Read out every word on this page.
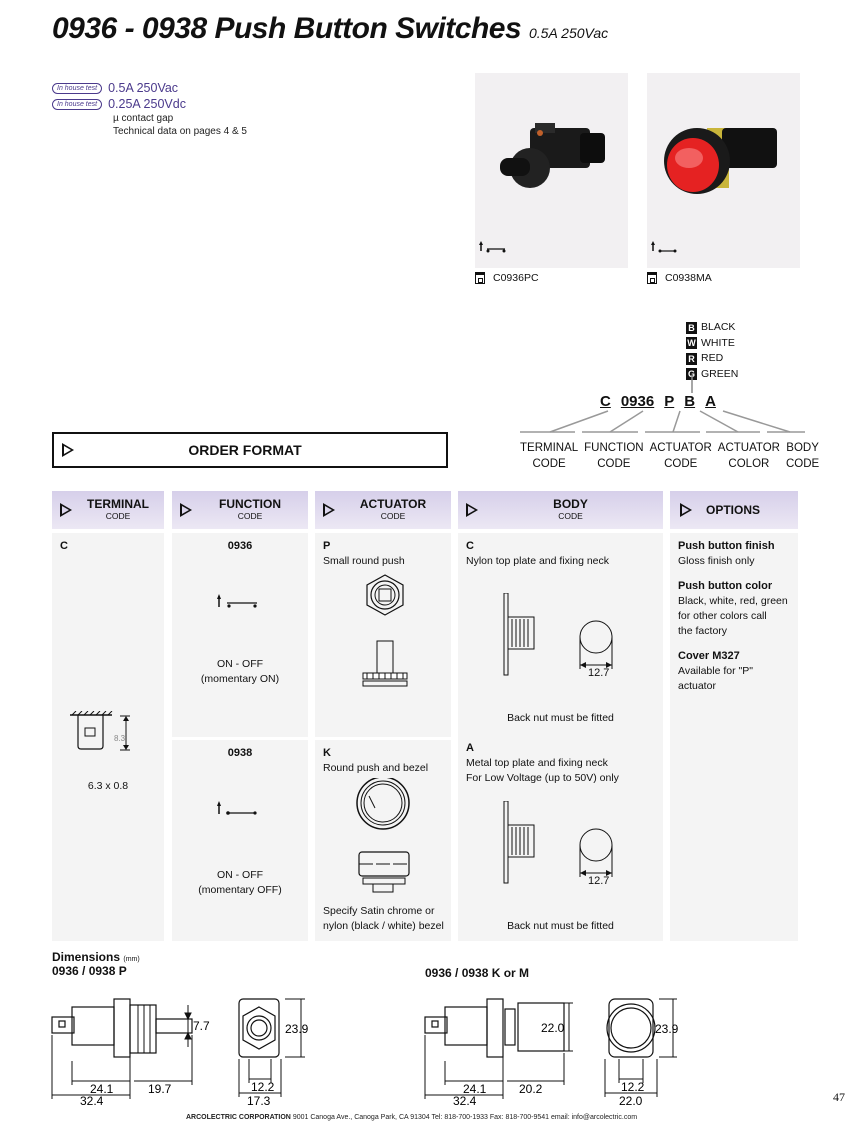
0936 - 0938 Push Button Switches 0.5A 250Vac
In house test 0.5A 250Vac
In house test 0.25A 250Vdc
µ contact gap
Technical data on pages 4 & 5
C0936PC	C0938MA
B BLACK
W WHITE
R RED
G GREEN
C 0936 P B A
TERMINAL
CODE
FUNCTION
CODE
ACTUATOR
CODE
ACTUATOR
COLOR
BODY
CODE
ORDER FORMAT
TERMINAL
CODE
FUNCTION
CODE
ACTUATOR
CODE
BODY
CODE	OPTIONS
C
8.3
6.3 x 0.8
0936
ON - OFF
(momentary ON)
0938
ON - OFF
(momentary OFF)
P
Small round push
K
Round push and bezel
Specify Satin chrome or
nylon (black / white) bezel
C
Nylon top plate and fixing neck
12.7
Back nut must be fitted
A
Metal top plate and fixing neck
For Low Voltage (up to 50V) only
12.7
Back nut must be fitted
Push button finish
Gloss finish only
Push button color
Black, white, red, green
for other colors call
the factory
Cover M327
Available for "P" actuator
Dimensions (mm)
0936 / 0938 P	0936 / 0938 K or M
7.7
24.1	19.7
32.4
23.9
12.2
17.3
22.0
24.1	20.2
32.4
23.9
12.2
22.0
ARCOLECTRIC CORPORATION 9001 Canoga Ave., Canoga Park, CA 91304 Tel: 818-700-1933 Fax: 818-700-9541 email: info@arcolectric.com
47
